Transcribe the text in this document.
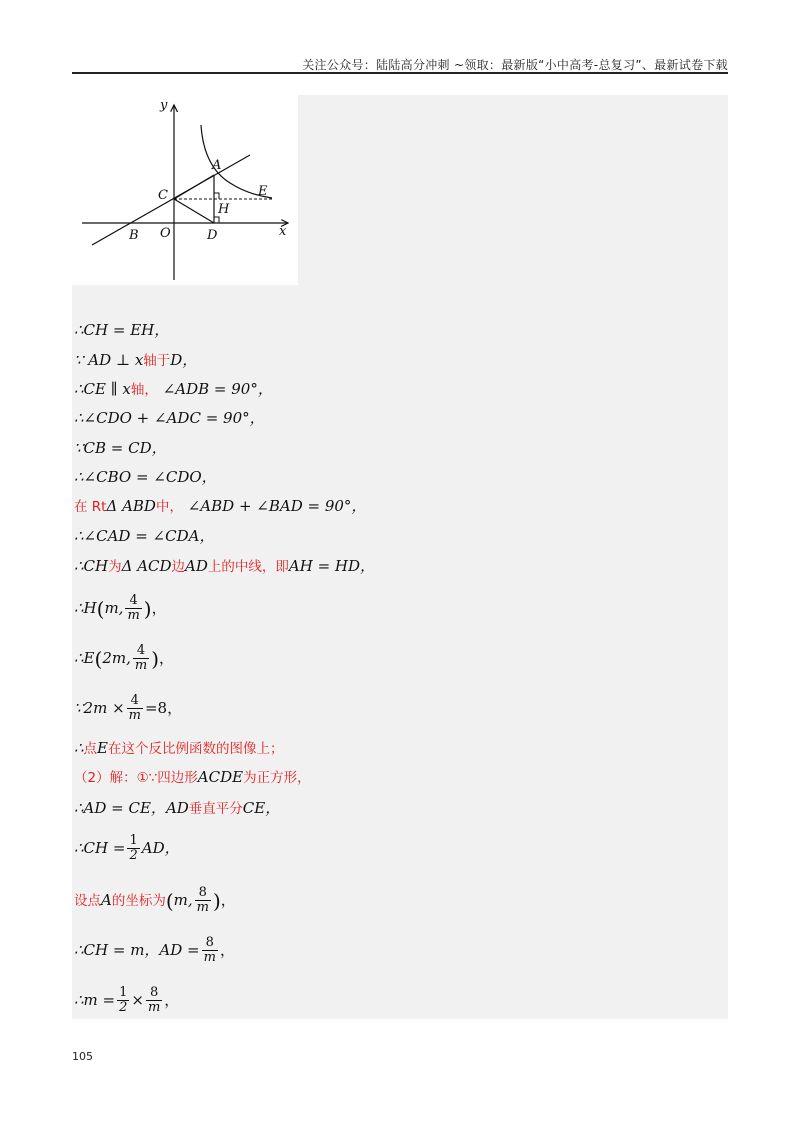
关注公众号：陆陆高分冲刺 ~领取：最新版“小中高考-总复习”、最新试卷下载
y
x
A
C	E
H
B O	D
∴CH = EH，
∵ AD ⊥ x轴于D，
∴CE ∥ x轴， ∠ADB = 90°，
∴∠CDO + ∠ADC = 90°，
∵CB = CD，
∴∠CBO = ∠CDO，
在 RtΔ ABD中， ∠ABD + ∠BAD = 90°，
∴∠CAD = ∠CDA，
∴CH为Δ ACD边AD上的中线，即AH = HD，
∴H(m, $\frac{4}{m}$ )，
∴E(2m, $\frac{4}{m}$ )，
∵2m × $\frac{4}{m} =8$，
∴点E在这个反比例函数的图像上；
（2）解：①∵四边形ACDE为正方形，
∴AD = CE，AD垂直平分CE，
∴CH = $\frac{1}{2}$ AD，
设点A的坐标为(m, $\frac{8}{m}$ )，
∴CH = m，AD = $\frac{8}{m}$ ，
∴m = $\frac{1}{2} \times \frac{8}{m}$ ，
105
